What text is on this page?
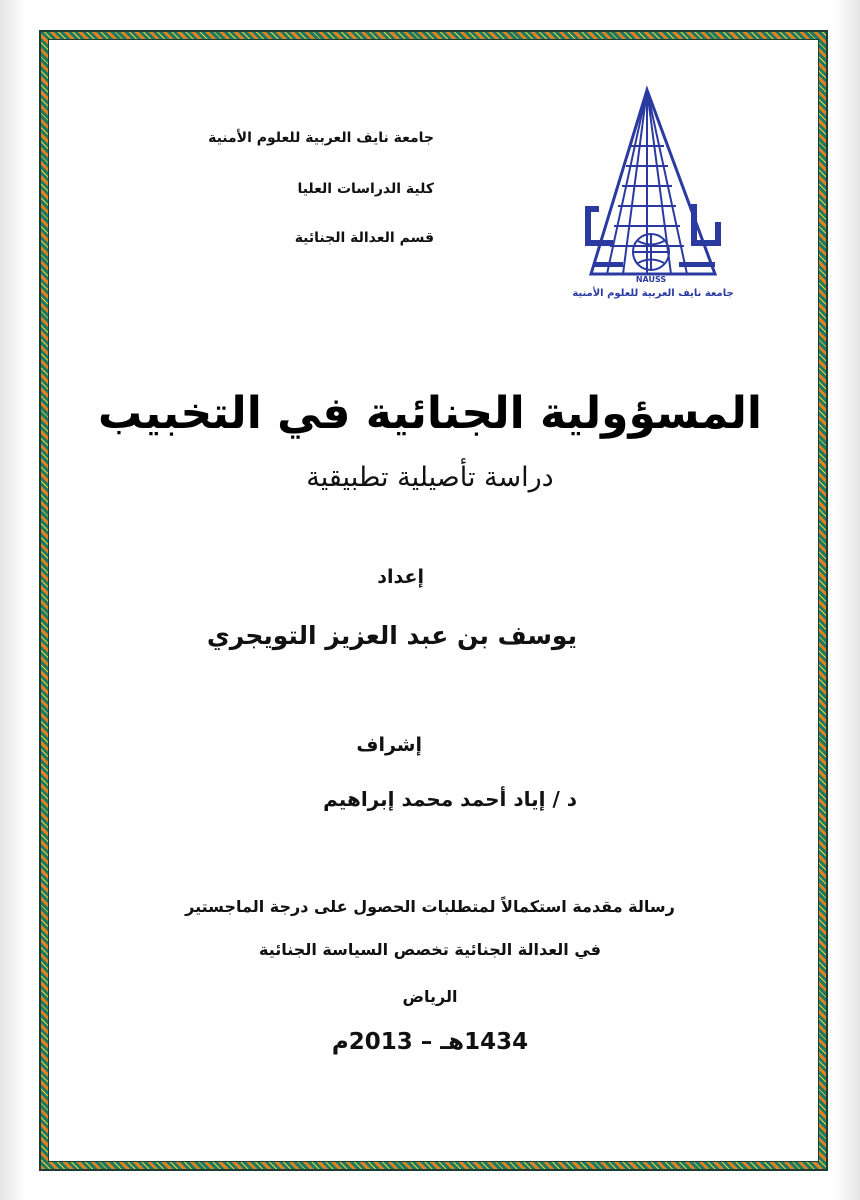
جامعة نايف العربية للعلوم الأمنية

كلية الدراسات العليا

قسم العدالة الجنائية

NAUSS
جامعة نايف العربية للعلوم الأمنية

المسؤولية الجنائية في التخبيب

دراسة تأصيلية تطبيقية

إعداد

يوسف بن عبد العزيز التويجري

إشراف

د / إياد أحمد محمد إبراهيم

رسالة مقدمة استكمالاً لمتطلبات الحصول على درجة الماجستير

في العدالة الجنائية تخصص السياسة الجنائية

الرياض

1434هـ – 2013م
